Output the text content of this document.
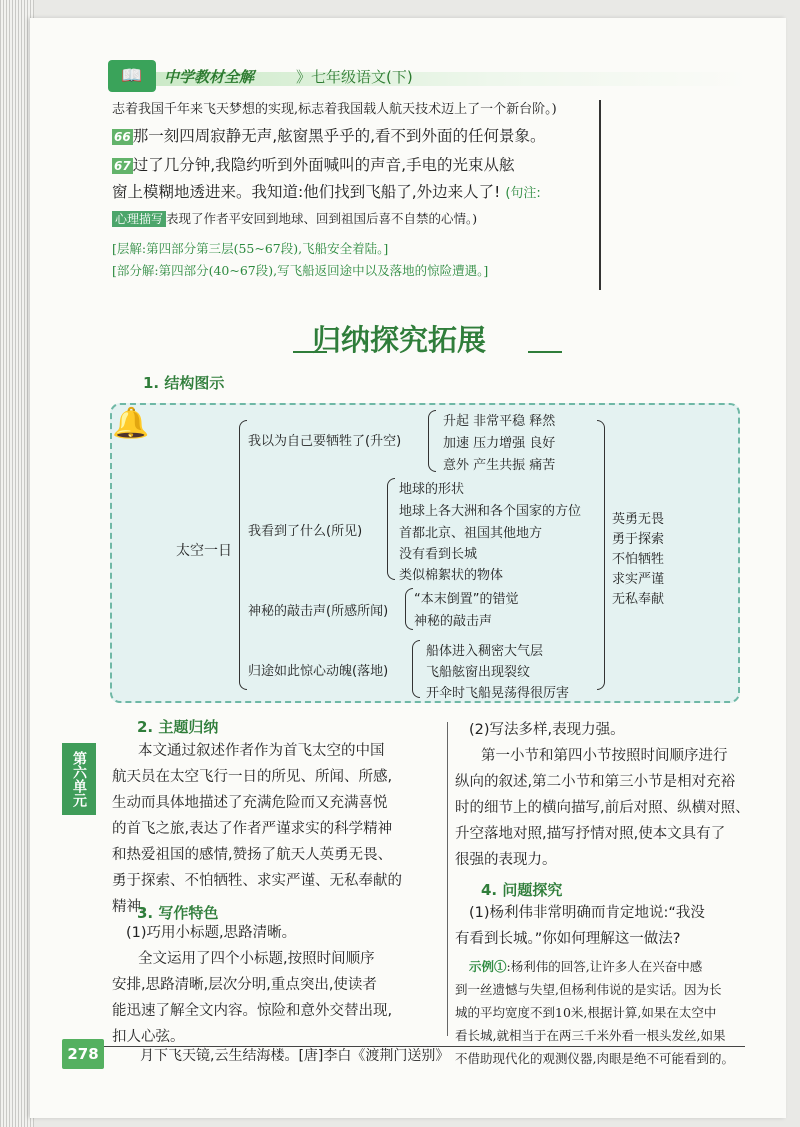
📖	中学教材全解	》七年级语文(下)
志着我国千年来飞天梦想的实现,标志着我国载人航天技术迈上了一个新台阶。)
66 那一刻四周寂静无声,舷窗黑乎乎的,看不到外面的任何景象。
67 过了几分钟,我隐约听到外面喊叫的声音,手电的光束从舷
窗上模糊地透进来。我知道:他们找到飞船了,外边来人了! (句注:
心理描写 表现了作者平安回到地球、回到祖国后喜不自禁的心情。)
[层解:第四部分第三层(55~67段),飞船安全着陆。]
[部分解:第四部分(40~67段),写飞船返回途中以及落地的惊险遭遇。]
归纳探究拓展
1. 结构图示
🔔
太空一日
我以为自己要牺牲了(升空)
升起 非常平稳 释然
加速 压力增强 良好
意外 产生共振 痛苦
我看到了什么(所见)
地球的形状
地球上各大洲和各个国家的方位
首都北京、祖国其他地方
没有看到长城
类似棉絮状的物体
神秘的敲击声(所感所闻)
“本末倒置”的错觉
神秘的敲击声
归途如此惊心动魄(落地)
船体进入稠密大气层
飞船舷窗出现裂纹
开伞时飞船晃荡得很厉害
英勇无畏
勇于探索
不怕牺牲
求实严谨
无私奉献
第六单元
2. 主题归纳
本文通过叙述作者作为首飞太空的中国
航天员在太空飞行一日的所见、所闻、所感,
生动而具体地描述了充满危险而又充满喜悦
的首飞之旅,表达了作者严谨求实的科学精神
和热爱祖国的感情,赞扬了航天人英勇无畏、
勇于探索、不怕牺牲、求实严谨、无私奉献的
精神。
3. 写作特色
(1)巧用小标题,思路清晰。
全文运用了四个小标题,按照时间顺序
安排,思路清晰,层次分明,重点突出,使读者
能迅速了解全文内容。惊险和意外交替出现,
扣人心弦。
(2)写法多样,表现力强。
第一小节和第四小节按照时间顺序进行
纵向的叙述,第二小节和第三小节是相对充裕
时的细节上的横向描写,前后对照、纵横对照、
升空落地对照,描写抒情对照,使本文具有了
很强的表现力。
4. 问题探究
(1)杨利伟非常明确而肯定地说:“我没
有看到长城。”你如何理解这一做法?
示例①:杨利伟的回答,让许多人在兴奋中感
到一丝遗憾与失望,但杨利伟说的是实话。因为长
城的平均宽度不到10米,根据计算,如果在太空中
看长城,就相当于在两三千米外看一根头发丝,如果
不借助现代化的观测仪器,肉眼是绝不可能看到的。
278	月下飞天镜,云生结海楼。[唐]李白《渡荆门送别》
